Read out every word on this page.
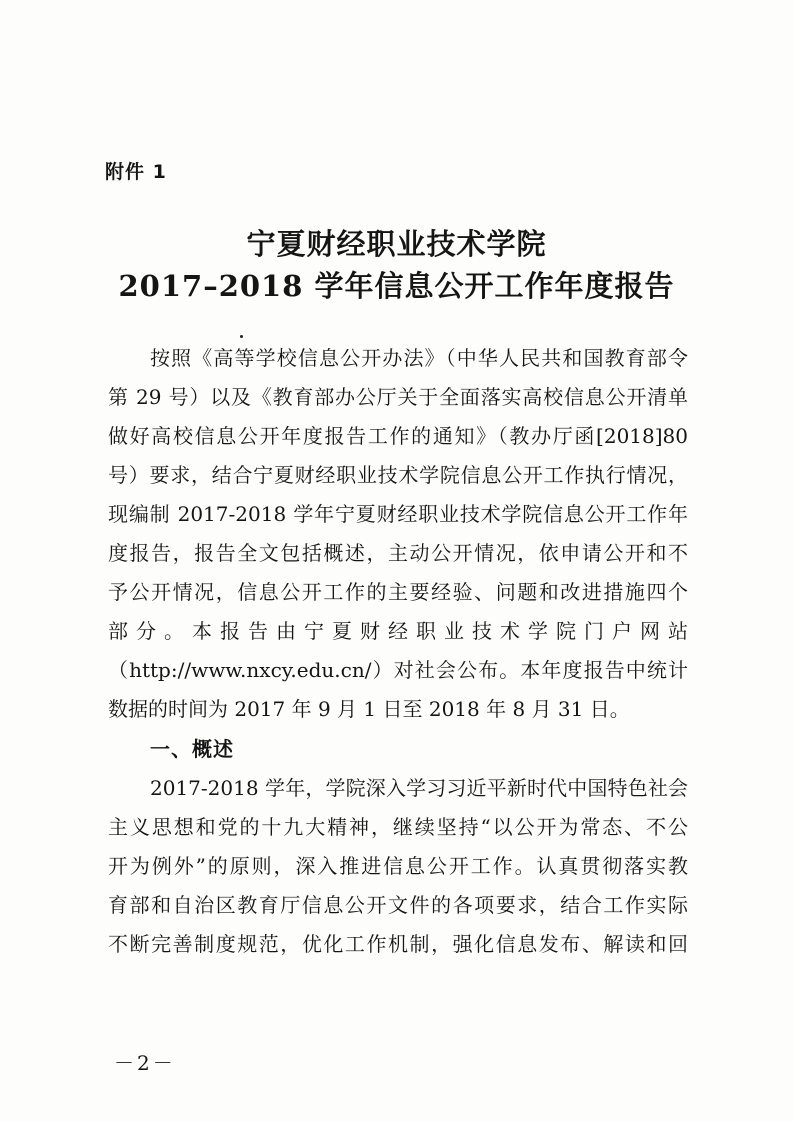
附件 1
宁夏财经职业技术学院
2017–2018 学年信息公开工作年度报告
按照《高等学校信息公开办法》（中华人民共和国教育部令
第 29 号）以及《教育部办公厅关于全面落实高校信息公开清单
做好高校信息公开年度报告工作的通知》（教办厅函[2018]80
号）要求，结合宁夏财经职业技术学院信息公开工作执行情况，
现编制 2017-2018 学年宁夏财经职业技术学院信息公开工作年
度报告，报告全文包括概述，主动公开情况，依申请公开和不
予公开情况，信息公开工作的主要经验、问题和改进措施四个
部 分 。 本 报 告 由 宁 夏 财 经 职 业 技 术 学 院 门 户 网 站
（http://www.nxcy.edu.cn/）对社会公布。本年度报告中统计
数据的时间为 2017 年 9 月 1 日至 2018 年 8 月 31 日。
一、概述
2017-2018 学年，学院深入学习习近平新时代中国特色社会
主义思想和党的十九大精神，继续坚持“以公开为常态、不公
开为例外”的原则，深入推进信息公开工作。认真贯彻落实教
育部和自治区教育厅信息公开文件的各项要求，结合工作实际
不断完善制度规范，优化工作机制，强化信息发布、解读和回
－2－
